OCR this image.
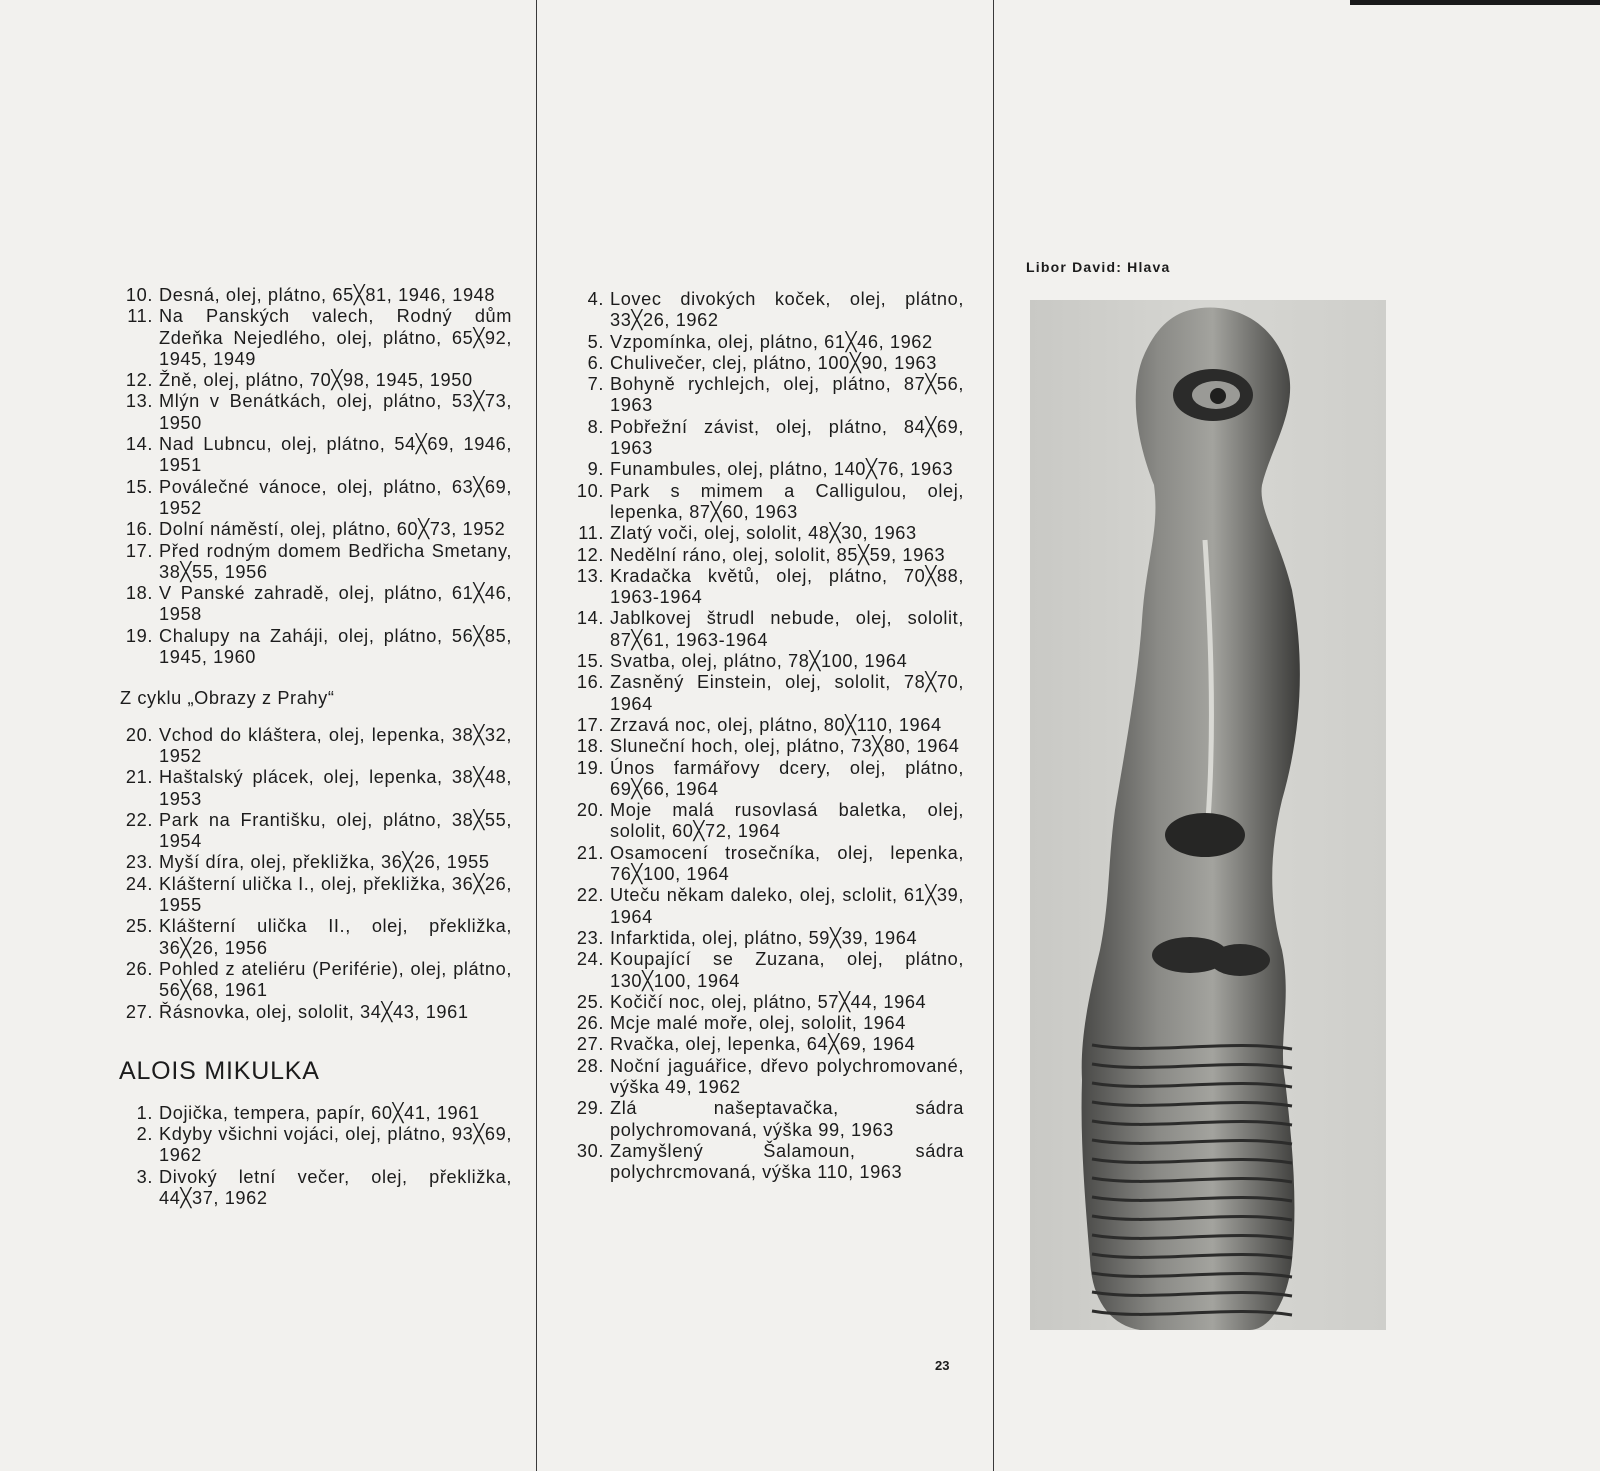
10. Desná, olej, plátno, 65╳81, 1946, 1948
11. Na Panských valech, Rodný dům Zdeňka Nejedlého, olej, plátno, 65╳92, 1945, 1949
12. Žně, olej, plátno, 70╳98, 1945, 1950
13. Mlýn v Benátkách, olej, plátno, 53╳73, 1950
14. Nad Lubncu, olej, plátno, 54╳69, 1946, 1951
15. Poválečné vánoce, olej, plátno, 63╳69, 1952
16. Dolní náměstí, olej, plátno, 60╳73, 1952
17. Před rodným domem Bedřicha Smetany, 38╳55, 1956
18. V Panské zahradě, olej, plátno, 61╳46, 1958
19. Chalupy na Zaháji, olej, plátno, 56╳85, 1945, 1960
Z cyklu „Obrazy z Prahy“
20. Vchod do kláštera, olej, lepenka, 38╳32, 1952
21. Haštalský plácek, olej, lepenka, 38╳48, 1953
22. Park na Františku, olej, plátno, 38╳55, 1954
23. Myší díra, olej, překližka, 36╳26, 1955
24. Klášterní ulička I., olej, překližka, 36╳26, 1955
25. Klášterní ulička II., olej, překližka, 36╳26, 1956
26. Pohled z ateliéru (Periférie), olej, plátno, 56╳68, 1961
27. Řásnovka, olej, sololit, 34╳43, 1961
ALOIS MIKULKA
1. Dojička, tempera, papír, 60╳41, 1961
2. Kdyby všichni vojáci, olej, plátno, 93╳69, 1962
3. Divoký letní večer, olej, překližka, 44╳37, 1962
4. Lovec divokých koček, olej, plátno, 33╳26, 1962
5. Vzpomínka, olej, plátno, 61╳46, 1962
6. Chulivečer, clej, plátno, 100╳90, 1963
7. Bohyně rychlejch, olej, plátno, 87╳56, 1963
8. Pobřežní závist, olej, plátno, 84╳69, 1963
9. Funambules, olej, plátno, 140╳76, 1963
10. Park s mimem a Calligulou, olej, lepenka, 87╳60, 1963
11. Zlatý voči, olej, sololit, 48╳30, 1963
12. Nedělní ráno, olej, sololit, 85╳59, 1963
13. Kradačka květů, olej, plátno, 70╳88, 1963-1964
14. Jablkovej štrudl nebude, olej, sololit, 87╳61, 1963-1964
15. Svatba, olej, plátno, 78╳100, 1964
16. Zasněný Einstein, olej, sololit, 78╳70, 1964
17. Zrzavá noc, olej, plátno, 80╳110, 1964
18. Sluneční hoch, olej, plátno, 73╳80, 1964
19. Únos farmářovy dcery, olej, plátno, 69╳66, 1964
20. Moje malá rusovlasá baletka, olej, sololit, 60╳72, 1964
21. Osamocení trosečníka, olej, lepenka, 76╳100, 1964
22. Uteču někam daleko, olej, sclolit, 61╳39, 1964
23. Infarktida, olej, plátno, 59╳39, 1964
24. Koupající se Zuzana, olej, plátno, 130╳100, 1964
25. Kočičí noc, olej, plátno, 57╳44, 1964
26. Mcje malé moře, olej, sololit, 1964
27. Rvačka, olej, lepenka, 64╳69, 1964
28. Noční jaguářice, dřevo polychromované, výška 49, 1962
29. Zlá našeptavačka, sádra polychromovaná, výška 99, 1963
30. Zamyšlený Šalamoun, sádra polychrcmovaná, výška 110, 1963
Libor David: Hlava
23
